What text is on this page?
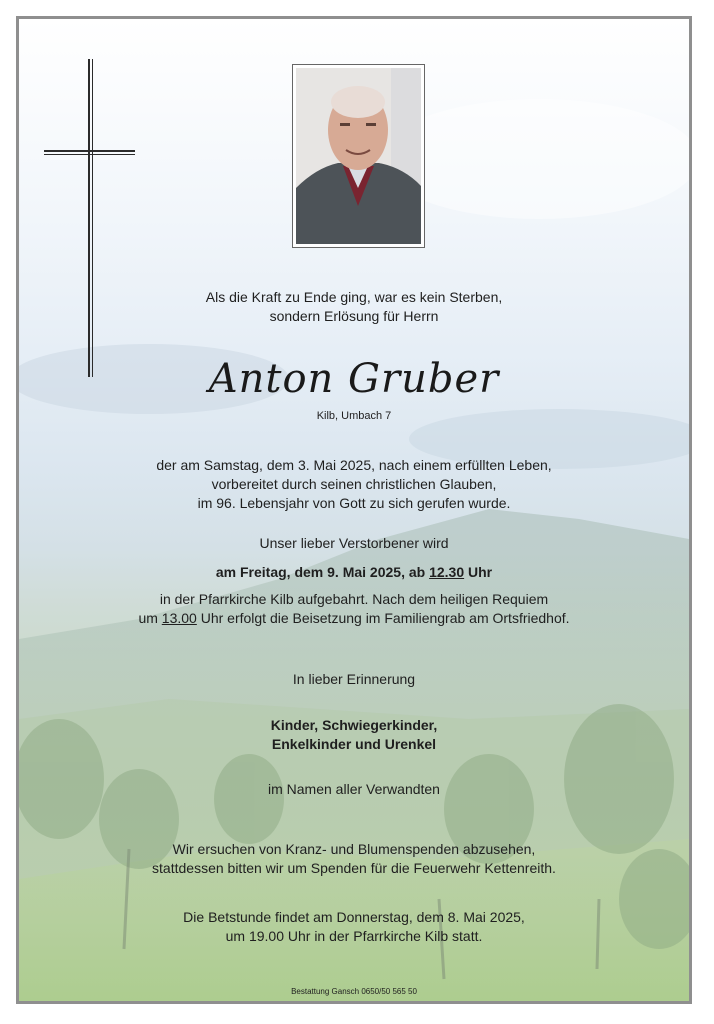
Als die Kraft zu Ende ging, war es kein Sterben,
sondern Erlösung für Herrn
Anton Gruber
Kilb, Umbach 7
der am Samstag, dem 3. Mai 2025, nach einem erfüllten Leben,
vorbereitet durch seinen christlichen Glauben,
im 96. Lebensjahr von Gott zu sich gerufen wurde.
Unser lieber Verstorbener wird
am Freitag, dem 9. Mai 2025, ab 12.30 Uhr
in der Pfarrkirche Kilb aufgebahrt. Nach dem heiligen Requiem
um 13.00 Uhr erfolgt die Beisetzung im Familiengrab am Ortsfriedhof.
In lieber Erinnerung
Kinder, Schwiegerkinder,
Enkelkinder und Urenkel
im Namen aller Verwandten
Wir ersuchen von Kranz- und Blumenspenden abzusehen,
stattdessen bitten wir um Spenden für die Feuerwehr Kettenreith.
Die Betstunde findet am Donnerstag, dem 8. Mai 2025,
um 19.00 Uhr in der Pfarrkirche Kilb statt.
Bestattung Gansch 0650/50 565 50
